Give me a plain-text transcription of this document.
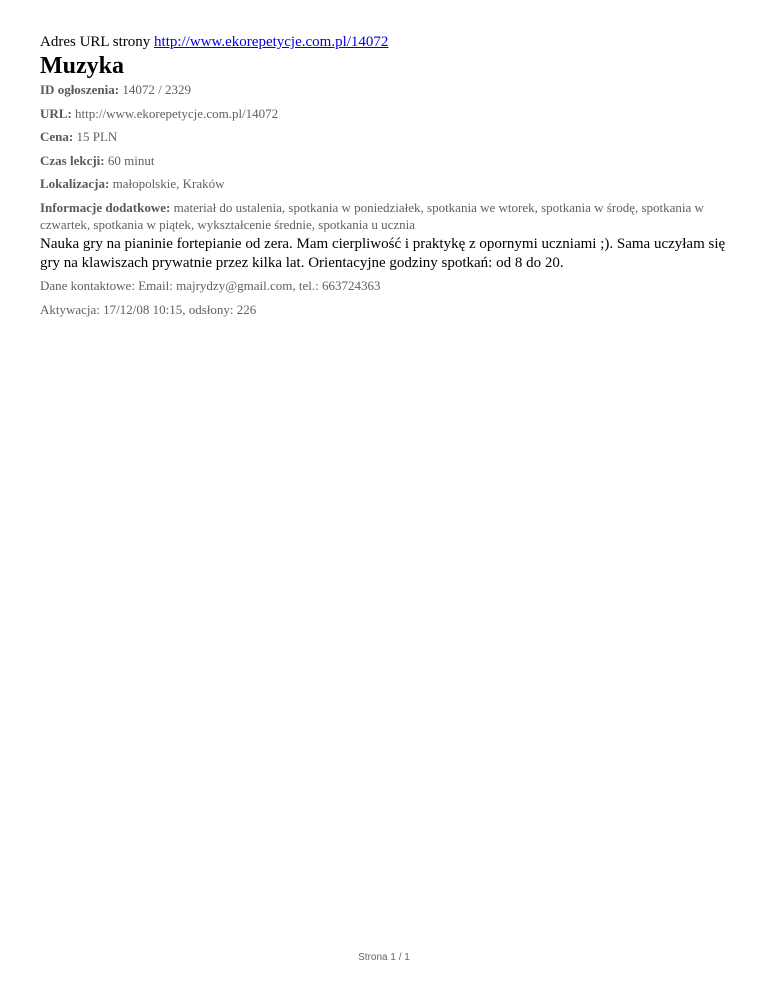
Adres URL strony http://www.ekorepetycje.com.pl/14072
Muzyka
ID ogłoszenia: 14072 / 2329
URL: http://www.ekorepetycje.com.pl/14072
Cena: 15 PLN
Czas lekcji: 60 minut
Lokalizacja: małopolskie, Kraków
Informacje dodatkowe: materiał do ustalenia, spotkania w poniedziałek, spotkania we wtorek, spotkania w środę, spotkania w czwartek, spotkania w piątek, wykształcenie średnie, spotkania u ucznia
Nauka gry na pianinie fortepianie od zera. Mam cierpliwość i praktykę z opornymi uczniami ;). Sama uczyłam się gry na klawiszach prywatnie przez kilka lat. Orientacyjne godziny spotkań: od 8 do 20.
Dane kontaktowe: Email: majrydzy@gmail.com, tel.: 663724363
Aktywacja: 17/12/08 10:15, odsłony: 226
Strona 1 / 1
